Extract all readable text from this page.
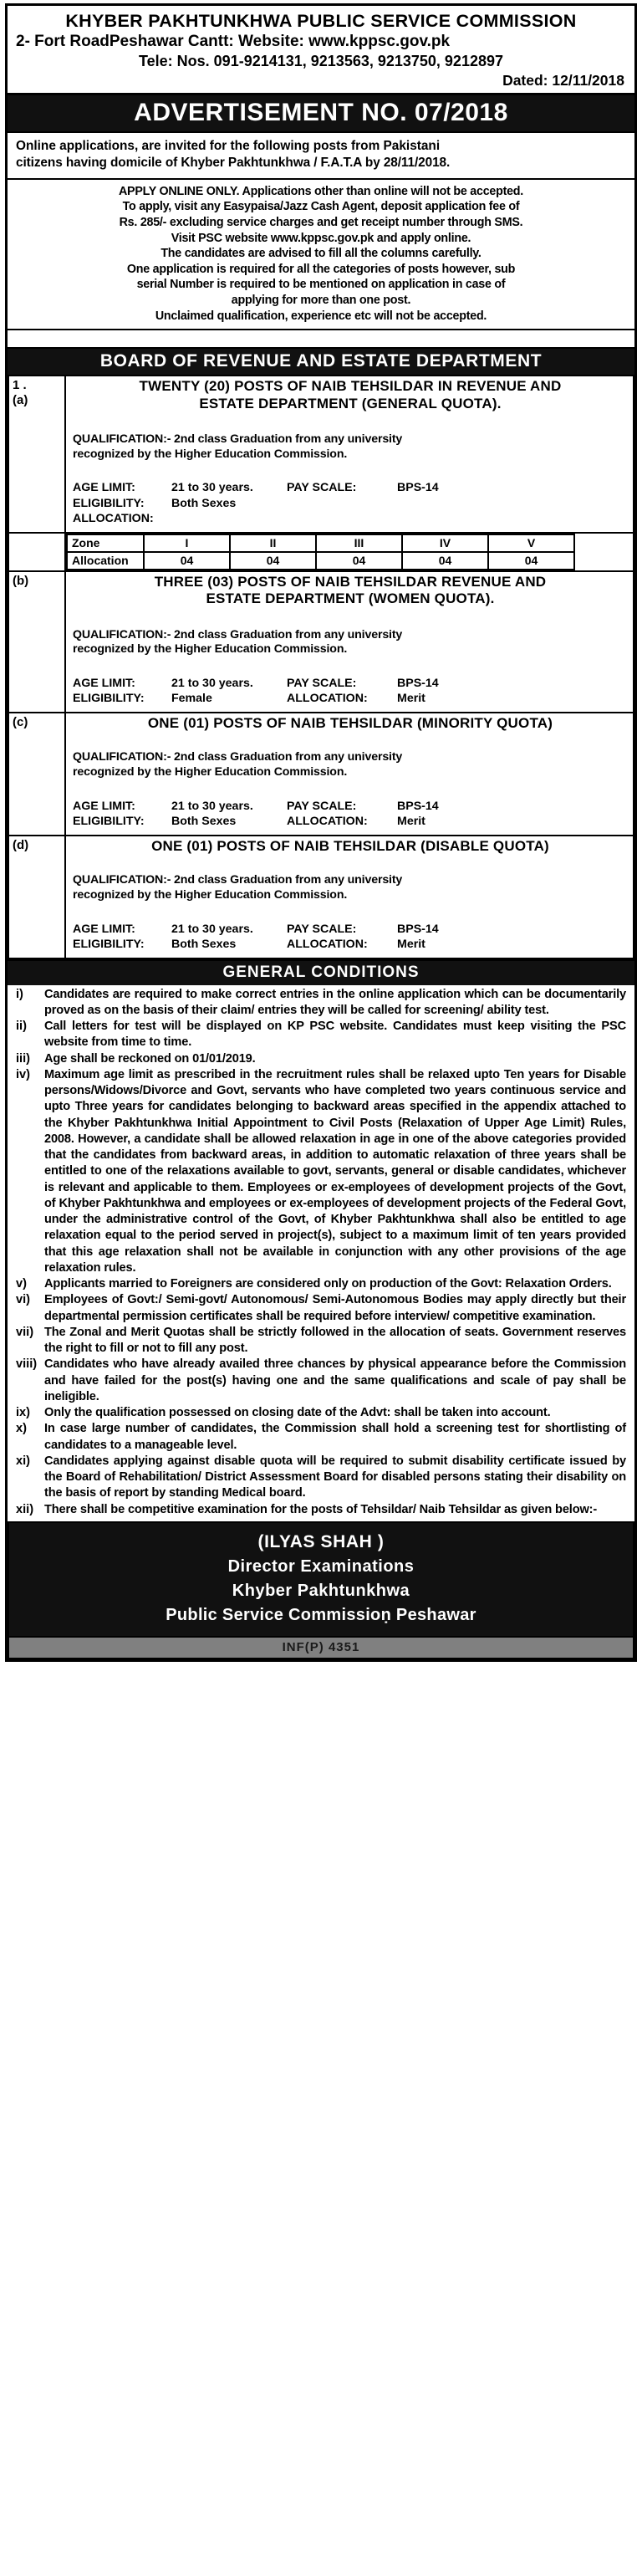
KHYBER PAKHTUNKHWA PUBLIC SERVICE COMMISSION
2- Fort RoadPeshawar Cantt: Website: www.kppsc.gov.pk
Tele: Nos. 091-9214131, 9213563, 9213750, 9212897
Dated: 12/11/2018
ADVERTISEMENT NO. 07/2018
Online applications, are invited for the following posts from Pakistani
citizens having domicile of Khyber Pakhtunkhwa / F.A.T.A by 28/11/2018.
APPLY ONLINE ONLY. Applications other than online will not be accepted.
To apply, visit any Easypaisa/Jazz Cash Agent, deposit application fee of
Rs. 285/- excluding service charges and get receipt number through SMS.
Visit PSC website www.kppsc.gov.pk and apply online.
The candidates are advised to fill all the columns carefully.
One application is required for all the categories of posts however, sub
serial Number is required to be mentioned on application in case of
applying for more than one post.
Unclaimed qualification, experience etc will not be accepted.
BOARD OF REVENUE AND ESTATE DEPARTMENT
1 .
(a)

TWENTY (20) POSTS OF NAIB TEHSILDAR IN REVENUE AND
ESTATE DEPARTMENT (GENERAL QUOTA).
QUALIFICATION:- 2nd class Graduation from any university
recognized by the Higher Education Commission.
AGE LIMIT:	21 to 30 years.	PAY SCALE:	BPS-14
ELIGIBILITY:	Both Sexes
ALLOCATION:

Zone	I	II	III	IV	V	
Allocation	04	04	04	04	04	

(b)	THREE (03) POSTS OF NAIB TEHSILDAR REVENUE AND
ESTATE DEPARTMENT (WOMEN QUOTA).
QUALIFICATION:- 2nd class Graduation from any university
recognized by the Higher Education Commission.
AGE LIMIT:	21 to 30 years.	PAY SCALE:	BPS-14
ELIGIBILITY:	Female	ALLOCATION:	Merit

(c)	ONE (01) POSTS OF NAIB TEHSILDAR (MINORITY QUOTA)
QUALIFICATION:- 2nd class Graduation from any university
recognized by the Higher Education Commission.
AGE LIMIT:	21 to 30 years.	PAY SCALE:	BPS-14
ELIGIBILITY:	Both Sexes	ALLOCATION:	Merit

(d)	ONE (01) POSTS OF NAIB TEHSILDAR (DISABLE QUOTA)
QUALIFICATION:- 2nd class Graduation from any university
recognized by the Higher Education Commission.
AGE LIMIT:	21 to 30 years.	PAY SCALE:	BPS-14
ELIGIBILITY:	Both Sexes	ALLOCATION:	Merit
GENERAL CONDITIONS
i)	Candidates are required to make correct entries in the online application which can be documentarily proved as on the basis of their claim/ entries they will be called for screening/ ability test.
ii)	Call letters for test will be displayed on KP PSC website. Candidates must keep visiting the PSC website from time to time.
iii)	Age shall be reckoned on 01/01/2019.
iv)	Maximum age limit as prescribed in the recruitment rules shall be relaxed upto Ten years for Disable persons/Widows/Divorce and Govt, servants who have completed two years continuous service and upto Three years for candidates belonging to backward areas specified in the appendix attached to the Khyber Pakhtunkhwa Initial Appointment to Civil Posts (Relaxation of Upper Age Limit) Rules, 2008. However, a candidate shall be allowed relaxation in age in one of the above categories provided that the candidates from backward areas, in addition to automatic relaxation of three years shall be entitled to one of the relaxations available to govt, servants, general or disable candidates, whichever is relevant and applicable to them. Employees or ex-employees of development projects of the Govt, of Khyber Pakhtunkhwa and employees or ex-employees of development projects of the Federal Govt, under the administrative control of the Govt, of Khyber Pakhtunkhwa shall also be entitled to age relaxation equal to the period served in project(s), subject to a maximum limit of ten years provided that this age relaxation shall not be available in conjunction with any other provisions of the age relaxation rules.
v)	Applicants married to Foreigners are considered only on production of the Govt: Relaxation Orders.
vi)	Employees of Govt:/ Semi-govt/ Autonomous/ Semi-Autonomous Bodies may apply directly but their departmental permission certificates shall be required before interview/ competitive examination.
vii) The Zonal and Merit Quotas shall be strictly followed in the allocation of seats. Government reserves the right to fill or not to fill any post.
viii) Candidates who have already availed three chances by physical appearance before the Commission and have failed for the post(s) having one and the same qualifications and scale of pay shall be ineligible.
ix)	Only the qualification possessed on closing date of the Advt: shall be taken into account.
x)	In case large number of candidates, the Commission shall hold a screening test for shortlisting of candidates to a manageable level.
xi)	Candidates applying against disable quota will be required to submit disability certificate issued by the Board of Rehabilitation/ District Assessment Board for disabled persons stating their disability on the basis of report by standing Medical board.
xii) There shall be competitive examination for the posts of Tehsildar/ Naib Tehsildar as given below:-
(ILYAS SHAH )
Director Examinations
Khyber Pakhtunkhwa
Public Service Commissioṇ Peshawar
INF(P) 4351
